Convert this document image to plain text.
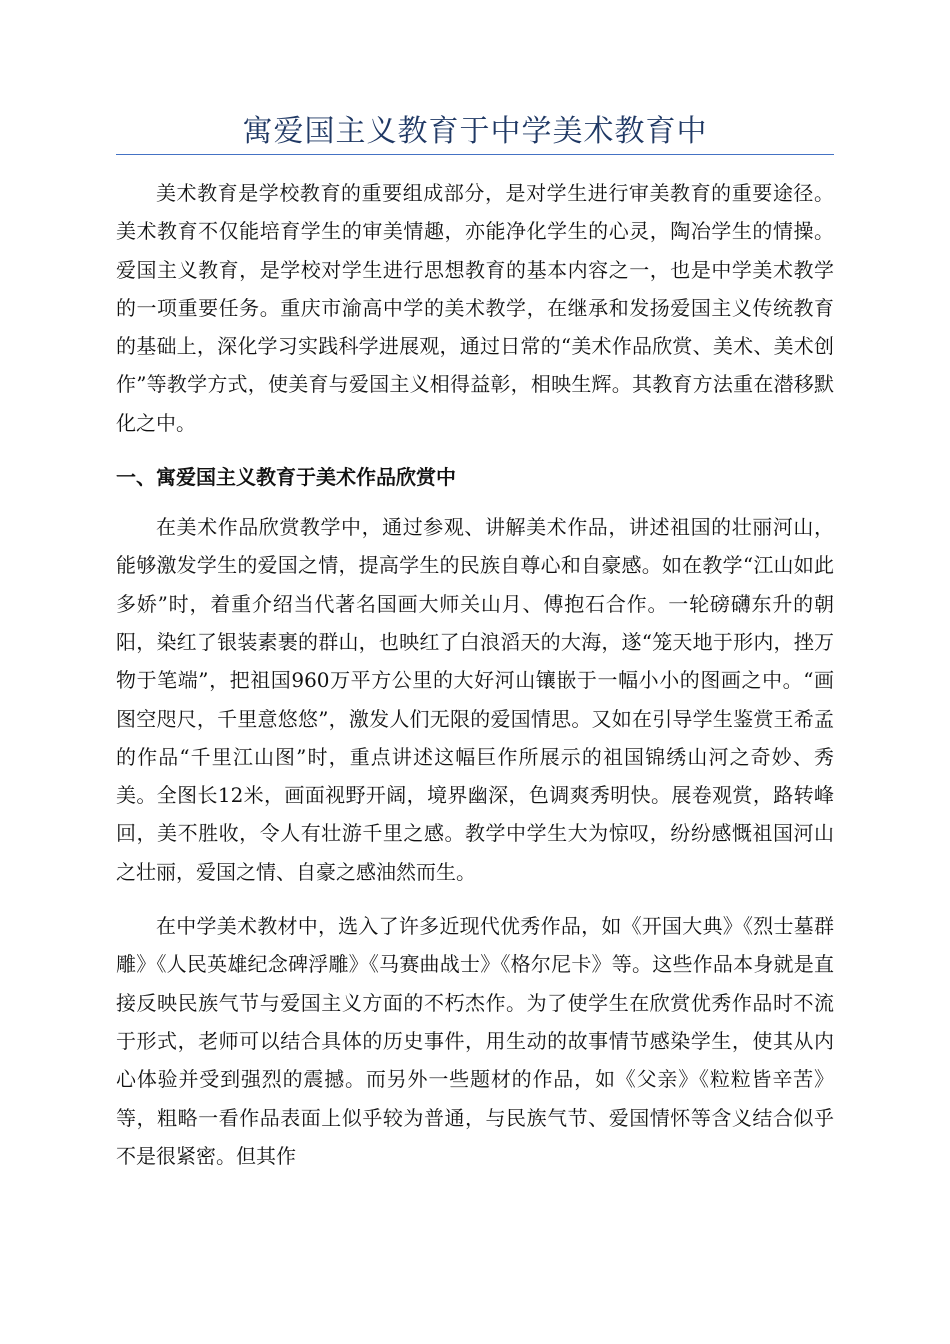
寓爱国主义教育于中学美术教育中

美术教育是学校教育的重要组成部分，是对学生进行审美教育的重要途径。美术教育不仅能培育学生的审美情趣，亦能净化学生的心灵，陶冶学生的情操。爱国主义教育，是学校对学生进行思想教育的基本内容之一，也是中学美术教学的一项重要任务。重庆市渝高中学的美术教学，在继承和发扬爱国主义传统教育的基础上，深化学习实践科学进展观，通过日常的“美术作品欣赏、美术、美术创作”等教学方式，使美育与爱国主义相得益彰，相映生辉。其教育方法重在潜移默化之中。

一、寓爱国主义教育于美术作品欣赏中

在美术作品欣赏教学中，通过参观、讲解美术作品，讲述祖国的壮丽河山，能够激发学生的爱国之情，提高学生的民族自尊心和自豪感。如在教学“江山如此多娇”时，着重介绍当代著名国画大师关山月、傅抱石合作。一轮磅礴东升的朝阳，染红了银装素裹的群山，也映红了白浪滔天的大海，遂“笼天地于形内，挫万物于笔端”，把祖国960万平方公里的大好河山镶嵌于一幅小小的图画之中。“画图空咫尺，千里意悠悠”，激发人们无限的爱国情思。又如在引导学生鉴赏王希孟的作品“千里江山图”时，重点讲述这幅巨作所展示的祖国锦绣山河之奇妙、秀美。全图长12米，画面视野开阔，境界幽深，色调爽秀明快。展卷观赏，路转峰回，美不胜收，令人有壮游千里之感。教学中学生大为惊叹，纷纷感慨祖国河山之壮丽，爱国之情、自豪之感油然而生。

在中学美术教材中，选入了许多近现代优秀作品，如《开国大典》《烈士墓群雕》《人民英雄纪念碑浮雕》《马赛曲战士》《格尔尼卡》等。这些作品本身就是直接反映民族气节与爱国主义方面的不朽杰作。为了使学生在欣赏优秀作品时不流于形式，老师可以结合具体的历史事件，用生动的故事情节感染学生，使其从内心体验并受到强烈的震撼。而另外一些题材的作品，如《父亲》《粒粒皆辛苦》等，粗略一看作品表面上似乎较为普通，与民族气节、爱国情怀等含义结合似乎不是很紧密。但其作
